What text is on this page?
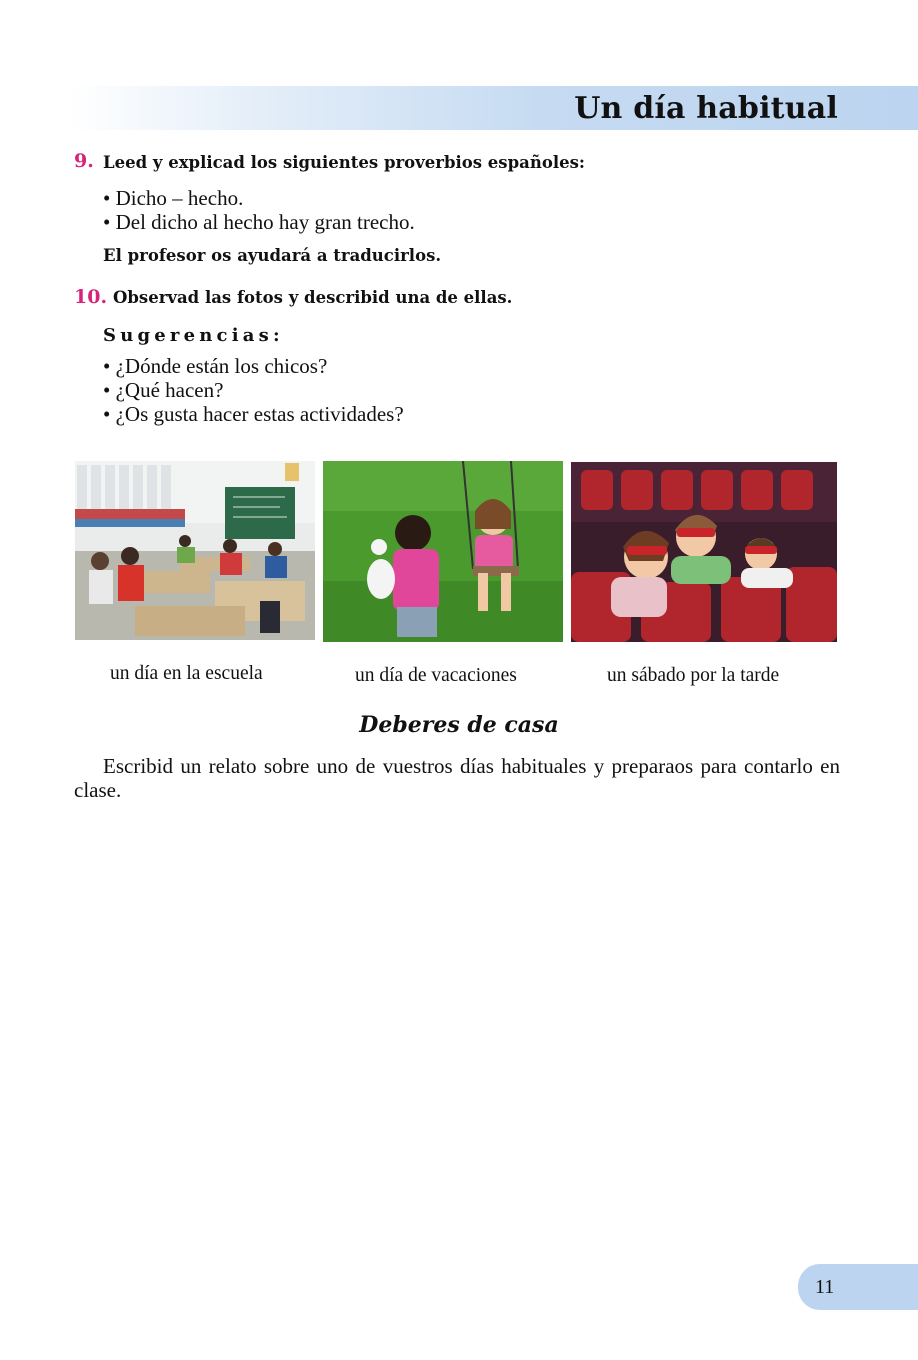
Un día habitual
9. Leed y explicad los siguientes proverbios españoles:
• Dicho – hecho.
• Del dicho al hecho hay gran trecho.
El profesor os ayudará a traducirlos.
10. Observad las fotos y describid una de ellas.
Sugerencias:
• ¿Dónde están los chicos?
• ¿Qué hacen?
• ¿Os gusta hacer estas actividades?
un día en la escuela	un día de vacaciones	un sábado por la tarde
Deberes de casa
Escribid un relato sobre uno de vuestros días habituales y preparaos para contarlo en clase.
11
